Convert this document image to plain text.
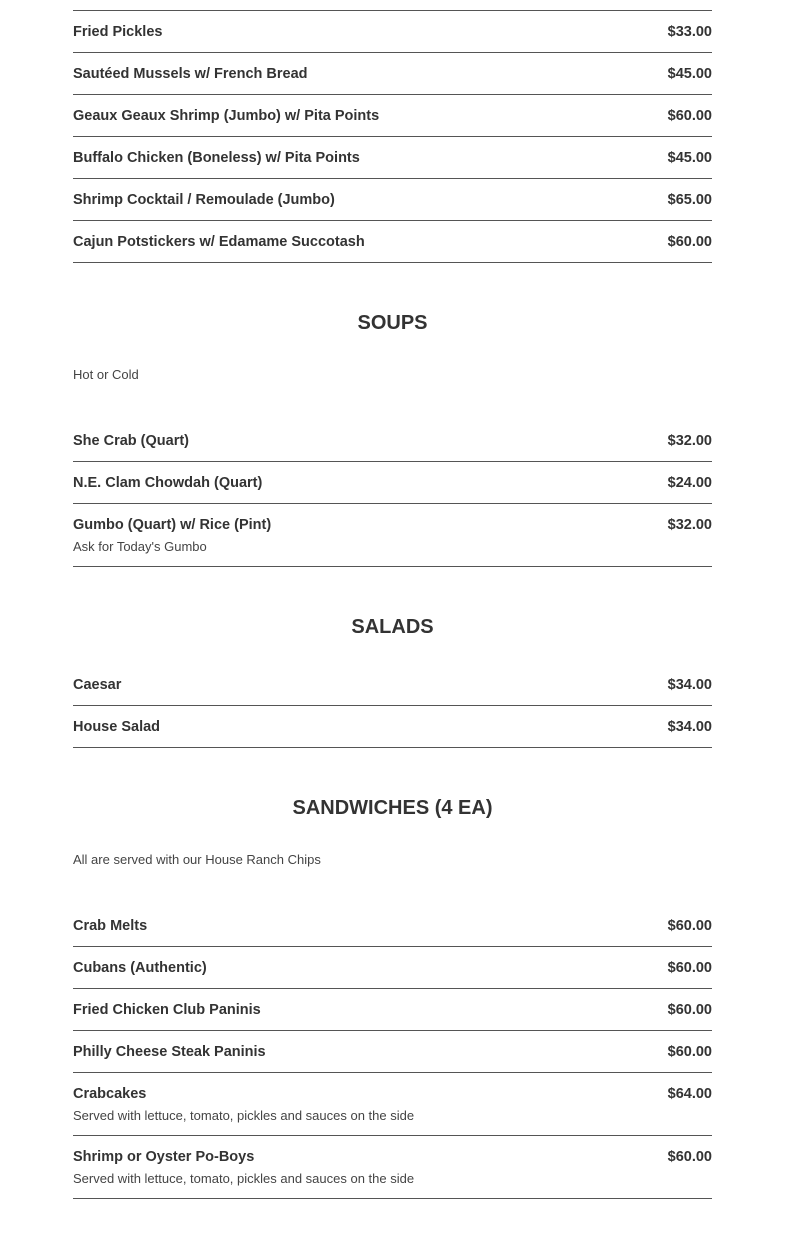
Fried Pickles	$33.00
Sautéed Mussels w/ French Bread	$45.00
Geaux Geaux Shrimp (Jumbo) w/ Pita Points	$60.00
Buffalo Chicken (Boneless) w/ Pita Points	$45.00
Shrimp Cocktail / Remoulade (Jumbo)	$65.00
Cajun Potstickers w/ Edamame Succotash	$60.00
SOUPS

Hot or Cold

She Crab (Quart)	$32.00
N.E. Clam Chowdah (Quart)	$24.00
Gumbo (Quart) w/ Rice (Pint)	$32.00
Ask for Today's Gumbo
SALADS
Caesar	$34.00
House Salad	$34.00
SANDWICHES (4 EA)

All are served with our House Ranch Chips

Crab Melts	$60.00
Cubans (Authentic)	$60.00
Fried Chicken Club Paninis	$60.00
Philly Cheese Steak Paninis	$60.00
Crabcakes	$64.00
Served with lettuce, tomato, pickles and sauces on the side
Shrimp or Oyster Po-Boys	$60.00
Served with lettuce, tomato, pickles and sauces on the side
